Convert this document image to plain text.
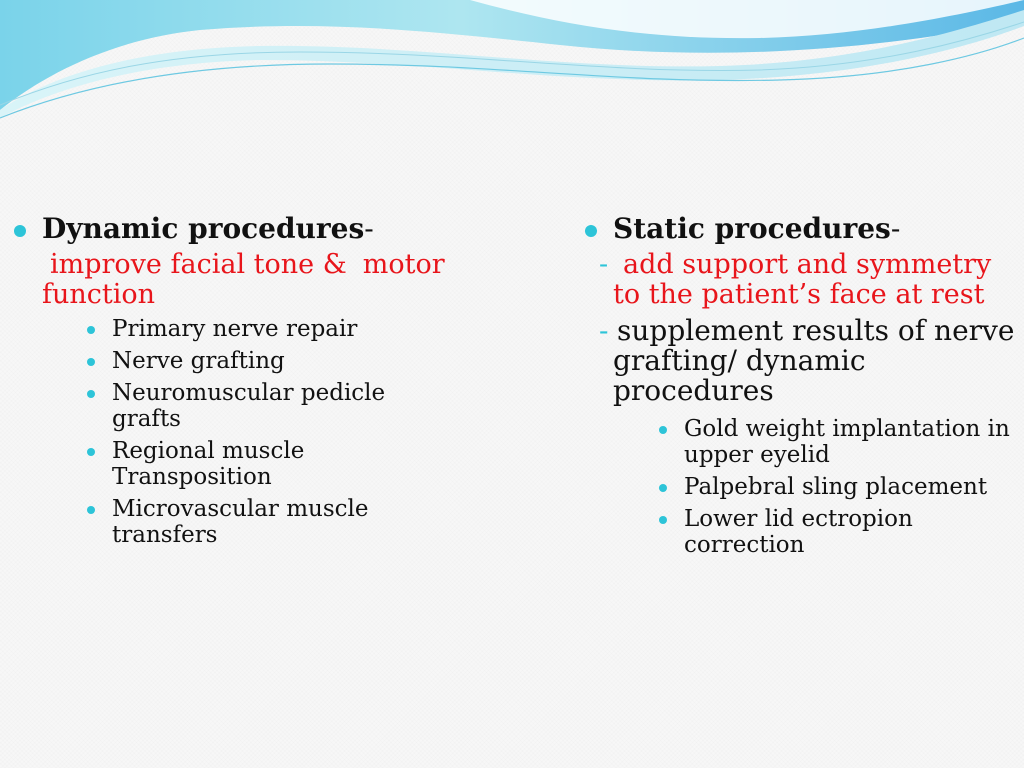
Dynamic procedures-
improve facial tone & motor
function
Primary nerve repair
Nerve grafting
Neuromuscular pedicle
grafts
Regional muscle
Transposition
Microvascular muscle
transfers
Static procedures-
- add support and symmetry
to the patient’s face at rest
- supplement results of nerve
grafting/ dynamic procedures
Gold weight implantation in
upper eyelid
Palpebral sling placement
Lower lid ectropion
correction
